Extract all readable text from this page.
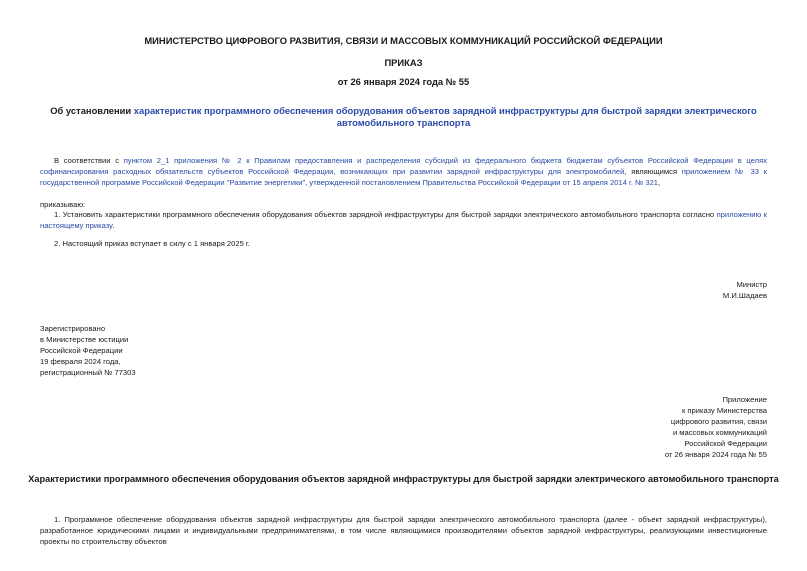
МИНИСТЕРСТВО ЦИФРОВОГО РАЗВИТИЯ, СВЯЗИ И МАССОВЫХ КОММУНИКАЦИЙ РОССИЙСКОЙ ФЕДЕРАЦИИ
ПРИКАЗ
от 26 января 2024 года № 55
Об установлении характеристик программного обеспечения оборудования объектов зарядной инфраструктуры для быстрой зарядки электрического автомобильного транспорта
В соответствии с пунктом 2_1 приложения № 2 к Правилам предоставления и распределения субсидий из федерального бюджета бюджетам субъектов Российской Федерации в целях софинансирования расходных обязательств субъектов Российской Федерации, возникающих при развитии зарядной инфраструктуры для электромобилей, являющимся приложением № 33 к государственной программе Российской Федерации "Развитие энергетики", утвержденной постановлением Правительства Российской Федерации от 15 апреля 2014 г. № 321,
приказываю:
1. Установить характеристики программного обеспечения оборудования объектов зарядной инфраструктуры для быстрой зарядки электрического автомобильного транспорта согласно приложению к настоящему приказу.
2. Настоящий приказ вступает в силу с 1 января 2025 г.
Министр
М.И.Шадаев
Зарегистрировано
в Министерстве юстиции
Российской Федерации
19 февраля 2024 года,
регистрационный № 77303
Приложение
к приказу Министерства
цифрового развития, связи
и массовых коммуникаций
Российской Федерации
от 26 января 2024 года № 55
Характеристики программного обеспечения оборудования объектов зарядной инфраструктуры для быстрой зарядки электрического автомобильного транспорта
1. Программное обеспечение оборудования объектов зарядной инфраструктуры для быстрой зарядки электрического автомобильного транспорта (далее - объект зарядной инфраструктуры), разработанное юридическими лицами и индивидуальными предпринимателями, в том числе являющимися производителями объектов зарядной инфраструктуры, реализующими инвестиционные проекты по строительству объектов
